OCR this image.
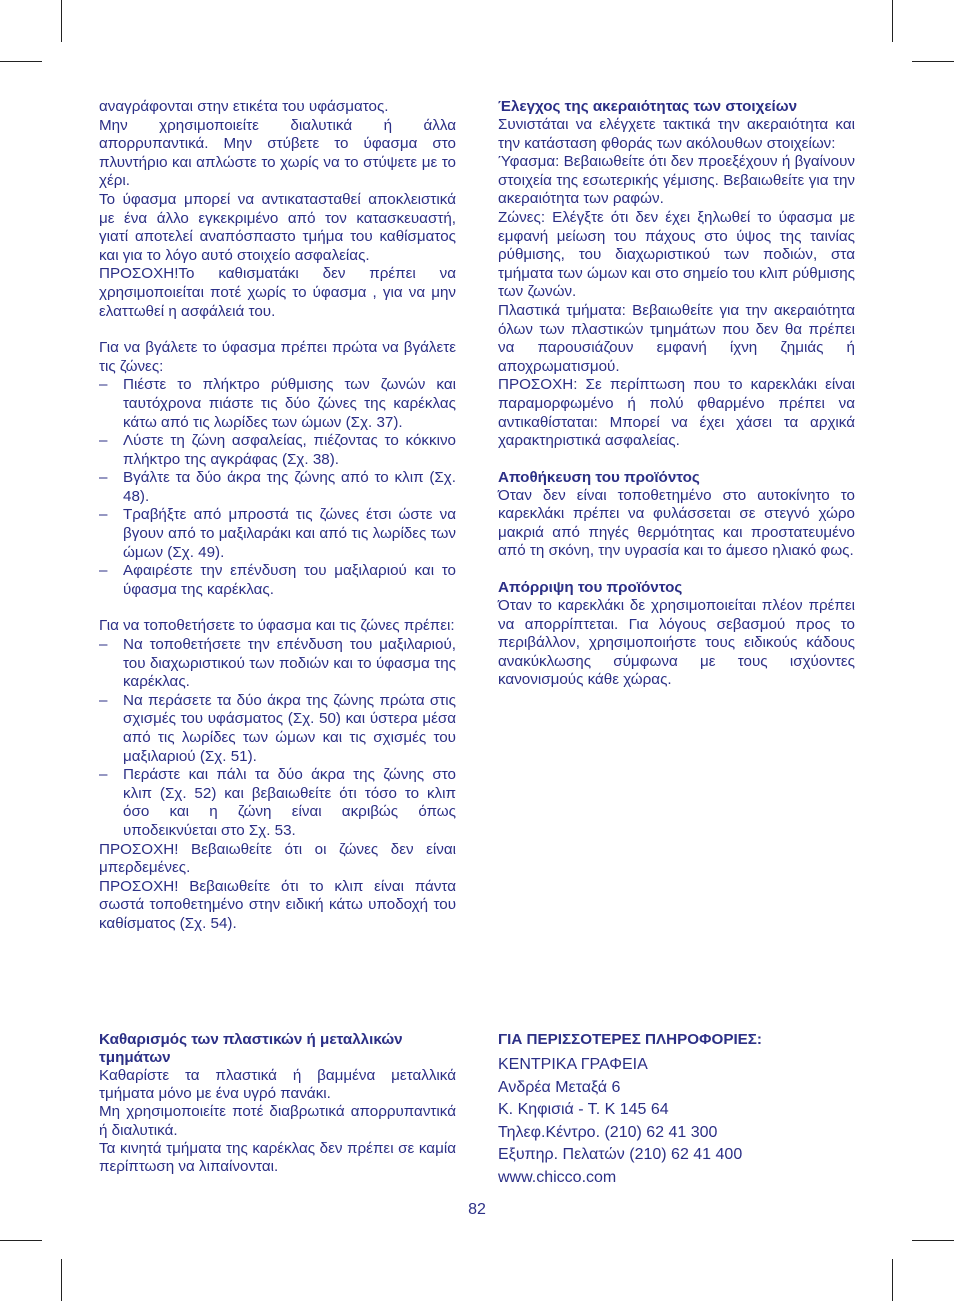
αναγράφονται στην ετικέτα του υφάσματος.

Μην χρησιμοποιείτε διαλυτικά ή άλλα απορρυπαντικά. Μην στύβετε το ύφασμα στο πλυντήριο και απλώστε το χωρίς να το στύψετε με το χέρι.

Το ύφασμα μπορεί να αντικατασταθεί αποκλειστικά με ένα άλλο εγκεκριμένο από τον κατασκευαστή, γιατί αποτελεί αναπόσπαστο τμήμα του καθίσματος και για το λόγο αυτό στοιχείο ασφαλείας.

ΠΡΟΣΟΧΗ!Το καθισματάκι δεν πρέπει να χρησιμοποιείται ποτέ χωρίς το ύφασμα , για να μην ελαττωθεί η ασφάλειά του.

Για να βγάλετε το ύφασμα πρέπει πρώτα να βγάλετε τις ζώνες:

– Πιέστε το πλήκτρο ρύθμισης των ζωνών και ταυτόχρονα πιάστε τις δύο ζώνες της καρέκλας κάτω από τις λωρίδες των ώμων (Σχ. 37).
– Λύστε τη ζώνη ασφαλείας, πιέζοντας το κόκκινο πλήκτρο της αγκράφας (Σχ. 38).
– Βγάλτε τα δύο άκρα της ζώνης από το κλιπ (Σχ. 48).
– Τραβήξτε από μπροστά τις ζώνες έτσι ώστε να βγουν από το μαξιλαράκι και από τις λωρίδες των ώμων (Σχ. 49).
– Αφαιρέστε την επένδυση του μαξιλαριού και το ύφασμα της καρέκλας.

Για να τοποθετήσετε το ύφασμα και τις ζώνες πρέπει:

– Να τοποθετήσετε την επένδυση του μαξιλαριού, του διαχωριστικού των ποδιών και το ύφασμα της καρέκλας.
– Να περάσετε τα δύο άκρα της ζώνης πρώτα στις σχισμές του υφάσματος (Σχ. 50) και ύστερα μέσα από τις λωρίδες των ώμων και τις σχισμές του μαξιλαριού (Σχ. 51).
– Περάστε και πάλι τα δύο άκρα της ζώνης στο κλιπ (Σχ. 52) και βεβαιωθείτε ότι τόσο το κλιπ όσο και η ζώνη είναι ακριβώς όπως υποδεικνύεται στο Σχ. 53.

ΠΡΟΣΟΧΗ! Βεβαιωθείτε ότι οι ζώνες δεν είναι μπερδεμένες.

ΠΡΟΣΟΧΗ! Βεβαιωθείτε ότι το κλιπ είναι πάντα σωστά τοποθετημένο στην ειδική κάτω υποδοχή του καθίσματος (Σχ. 54).

Καθαρισμός των πλαστικών ή μεταλλικών τμημάτων

Καθαρίστε τα πλαστικά ή βαμμένα μεταλλικά τμήματα μόνο με ένα υγρό πανάκι.

Μη χρησιμοποιείτε ποτέ διαβρωτικά απορρυπαντικά ή διαλυτικά.

Τα κινητά τμήματα της καρέκλας δεν πρέπει σε καμία περίπτωση να λιπαίνονται.

Έλεγχος της ακεραιότητας των στοιχείων

Συνιστάται να ελέγχετε τακτικά την ακεραιότητα και την κατάσταση φθοράς των ακόλουθων στοιχείων:

Ύφασμα: Βεβαιωθείτε ότι δεν προεξέχουν ή βγαίνουν στοιχεία της εσωτερικής γέμισης. Βεβαιωθείτε για την ακεραιότητα των ραφών.

Ζώνες: Ελέγξτε ότι δεν έχει ξηλωθεί το ύφασμα με εμφανή μείωση του πάχους στο ύψος της ταινίας ρύθμισης, του διαχωριστικού των ποδιών, στα τμήματα των ώμων και στο σημείο του κλιπ ρύθμισης των ζωνών.

Πλαστικά τμήματα: Βεβαιωθείτε για την ακεραιότητα όλων των πλαστικών τμημάτων που δεν θα πρέπει να παρουσιάζουν εμφανή ίχνη ζημιάς ή αποχρωματισμού.

ΠΡΟΣΟΧΗ: Σε περίπτωση που το καρεκλάκι είναι παραμορφωμένο ή πολύ φθαρμένο πρέπει να αντικαθίσταται: Μπορεί να έχει χάσει τα αρχικά χαρακτηριστικά ασφαλείας.

Αποθήκευση του προϊόντος

Όταν δεν είναι τοποθετημένο στο αυτοκίνητο το καρεκλάκι πρέπει να φυλάσσεται σε στεγνό χώρο μακριά από πηγές θερμότητας και προστατευμένο από τη σκόνη, την υγρασία και το άμεσο ηλιακό φως.

Απόρριψη του προϊόντος

Όταν το καρεκλάκι δε χρησιμοποιείται πλέον πρέπει να απορρίπτεται. Για λόγους σεβασμού προς το περιβάλλον, χρησιμοποιήστε τους ειδικούς κάδους ανακύκλωσης σύμφωνα με τους ισχύοντες κανονισμούς κάθε χώρας.

ΓΙΑ ΠΕΡΙΣΣΟΤΕΡΕΣ ΠΛΗΡΟΦΟΡΙΕΣ:
ΚΕΝΤΡΙΚΑ ΓΡΑΦΕΙΑ
Ανδρέα Μεταξά 6
Κ. Κηφισιά - Τ. Κ 145 64
Τηλεφ.Κέντρο. (210) 62 41 300
Εξυπηρ. Πελατών (210) 62 41 400
www.chicco.com
82
